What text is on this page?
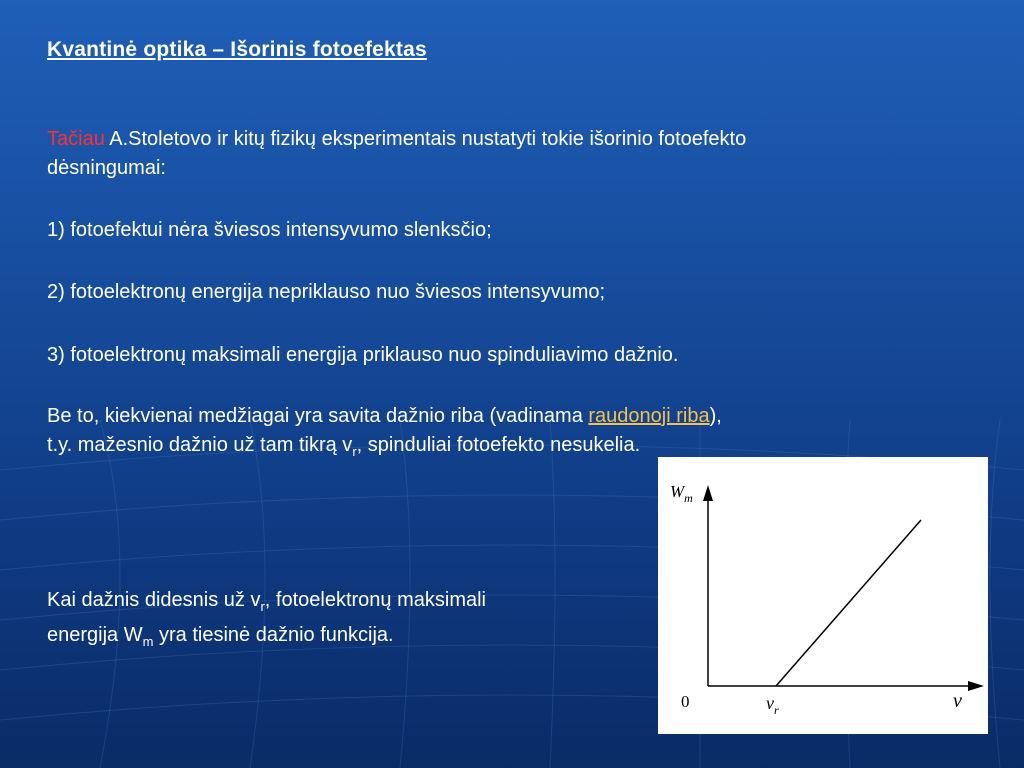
Kvantinė optika – Išorinis fotoefektas
Tačiau A.Stoletovo ir kitų fizikų eksperimentais nustatyti tokie išorinio fotoefekto
dėsningumai:
1) fotoefektui nėra šviesos intensyvumo slenksčio;
2) fotoelektronų energija nepriklauso nuo šviesos intensyvumo;
3) fotoelektronų maksimali energija priklauso nuo spinduliavimo dažnio.
Be to, kiekvienai medžiagai yra savita dažnio riba (vadinama raudonoji riba),
t.y. mažesnio dažnio už tam tikrą $v_r$, spinduliai fotoefekto nesukelia.
Kai dažnis didesnis už $v_r$, fotoelektronų maksimali
energija $W_m$ yra tiesinė dažnio funkcija.
$W_m$
0	$\nu_r$	ν
